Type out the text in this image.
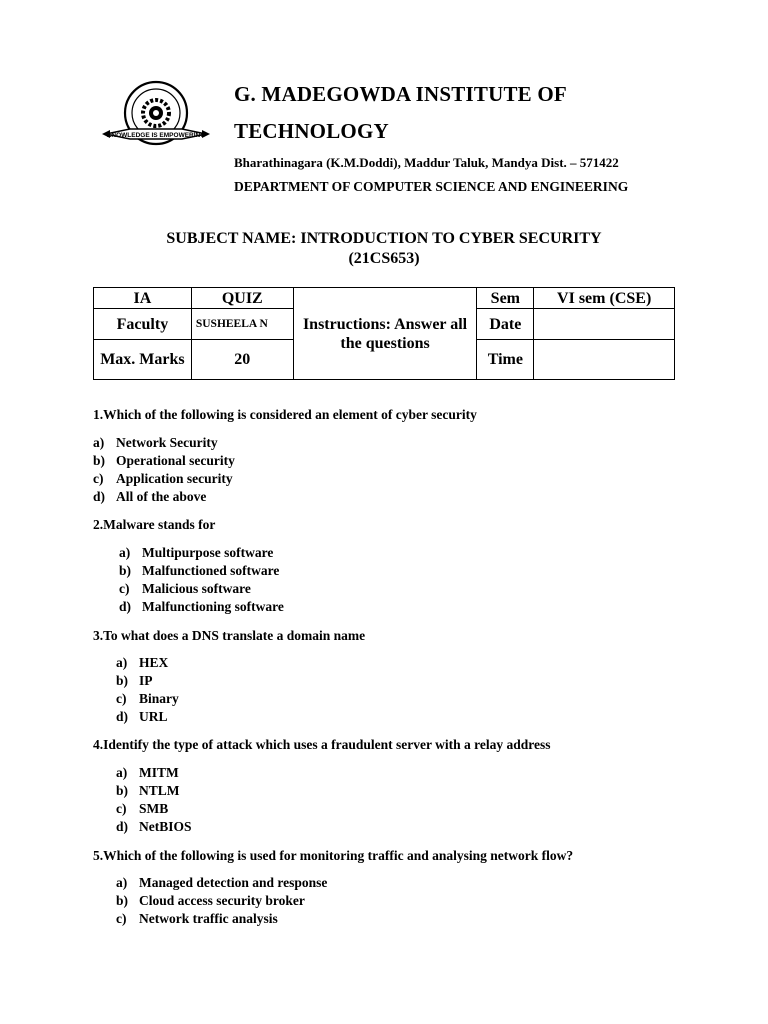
KNOWLEDGE IS EMPOWERING
G. MADEGOWDA INSTITUTE OF
TECHNOLOGY
Bharathinagara (K.M.Doddi), Maddur Taluk, Mandya Dist. – 571422
DEPARTMENT OF COMPUTER SCIENCE AND ENGINEERING
SUBJECT NAME: INTRODUCTION TO CYBER SECURITY
(21CS653)
IA	QUIZ	Instructions: Answer all the questions	Sem	VI sem (CSE)
Faculty	SUSHEELA N		Date	
Max. Marks	20		Time	
1.Which of the following is considered an element of cyber security
a) Network Security
b) Operational security
c) Application security
d) All of the above
2.Malware stands for
a) Multipurpose software
b) Malfunctioned software
c) Malicious software
d) Malfunctioning software
3.To what does a DNS translate a domain name
a) HEX
b) IP
c) Binary
d) URL
4.Identify the type of attack which uses a fraudulent server with a relay address
a) MITM
b) NTLM
c) SMB
d) NetBIOS
5.Which of the following is used for monitoring traffic and analysing network flow?
a) Managed detection and response
b) Cloud access security broker
c) Network traffic analysis
